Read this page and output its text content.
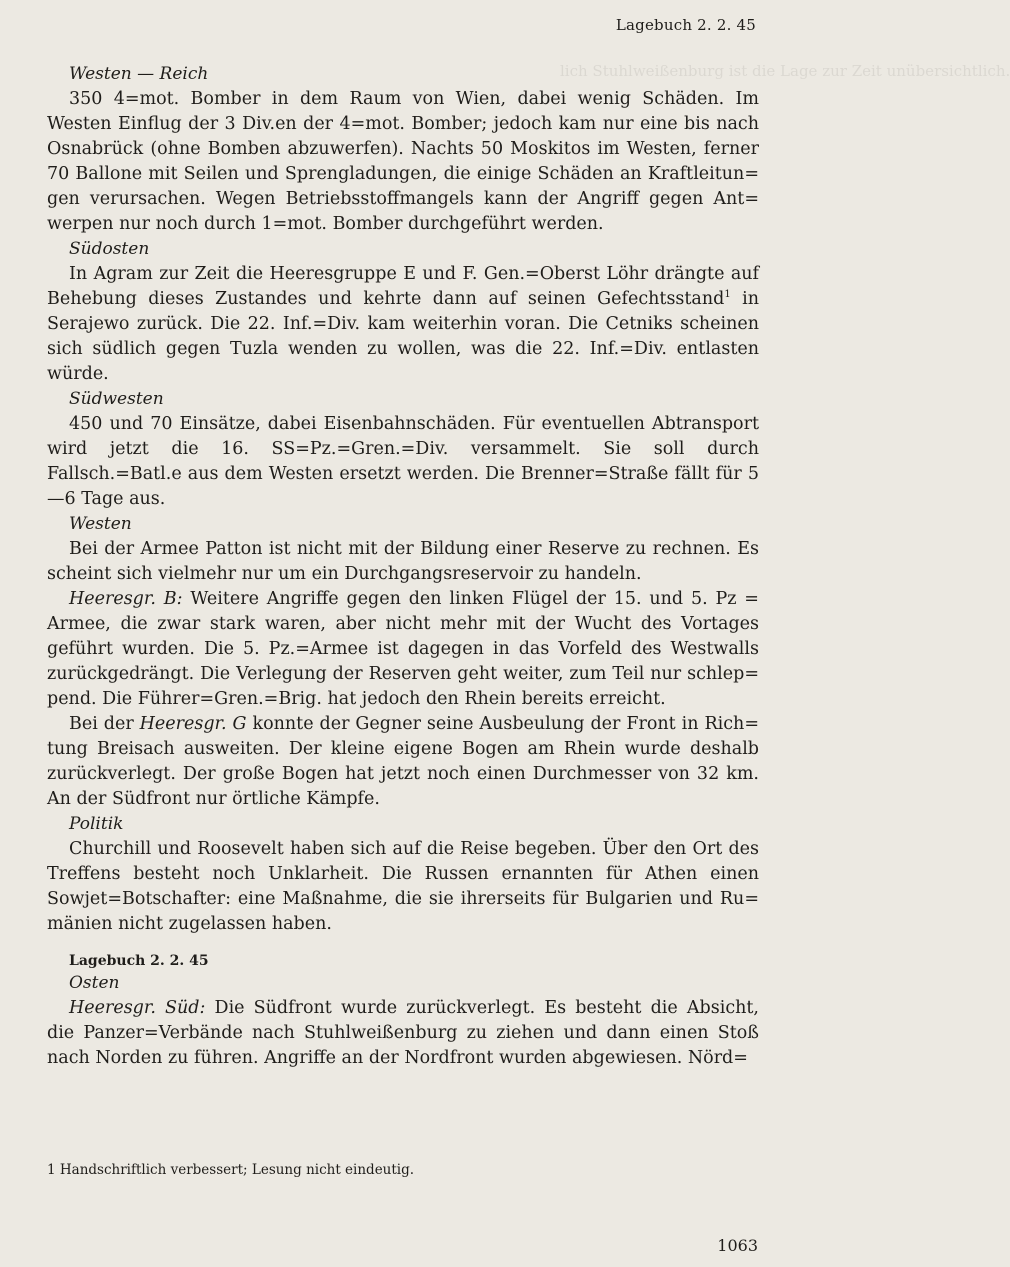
lich Stuhlweißenburg ist die Lage zur Zeit unübersichtlich.
Lagebuch 2. 2. 45

Westen — Reich

350 4=mot. Bomber in dem Raum von Wien, dabei wenig Schäden. Im Westen Einflug der 3 Div.en der 4=mot. Bomber; jedoch kam nur eine bis nach Osnabrück (ohne Bomben abzuwerfen). Nachts 50 Moskitos im Westen, ferner 70 Ballone mit Seilen und Sprengladungen, die einige Schäden an Kraftleitun= gen verursachen. Wegen Betriebsstoffmangels kann der Angriff gegen Ant= werpen nur noch durch 1=mot. Bomber durchgeführt werden.

Südosten

In Agram zur Zeit die Heeresgruppe E und F. Gen.=Oberst Löhr drängte auf Behebung dieses Zustandes und kehrte dann auf seinen Gefechtsstand$^1$ in Serajewo zurück. Die 22. Inf.=Div. kam weiterhin voran. Die Cetniks scheinen sich südlich gegen Tuzla wenden zu wollen, was die 22. Inf.=Div. entlasten würde.

Südwesten

450 und 70 Einsätze, dabei Eisenbahnschäden. Für eventuellen Abtransport wird jetzt die 16. SS=Pz.=Gren.=Div. versammelt. Sie soll durch Fallsch.=Batl.e aus dem Westen ersetzt werden. Die Brenner=Straße fällt für 5—6 Tage aus.

Westen

Bei der Armee Patton ist nicht mit der Bildung einer Reserve zu rechnen. Es scheint sich vielmehr nur um ein Durchgangsreservoir zu handeln.

Heeresgr. B: Weitere Angriffe gegen den linken Flügel der 15. und 5. Pz = Armee, die zwar stark waren, aber nicht mehr mit der Wucht des Vortages geführt wurden. Die 5. Pz.=Armee ist dagegen in das Vorfeld des Westwalls zurückgedrängt. Die Verlegung der Reserven geht weiter, zum Teil nur schlep= pend. Die Führer=Gren.=Brig. hat jedoch den Rhein bereits erreicht.

Bei der Heeresgr. G konnte der Gegner seine Ausbeulung der Front in Rich= tung Breisach ausweiten. Der kleine eigene Bogen am Rhein wurde deshalb zurückverlegt. Der große Bogen hat jetzt noch einen Durchmesser von 32 km. An der Südfront nur örtliche Kämpfe.

Politik

Churchill und Roosevelt haben sich auf die Reise begeben. Über den Ort des Treffens besteht noch Unklarheit. Die Russen ernannten für Athen einen Sowjet=Botschafter: eine Maßnahme, die sie ihrerseits für Bulgarien und Ru= mänien nicht zugelassen haben.

Lagebuch 2. 2. 45

Osten

Heeresgr. Süd: Die Südfront wurde zurückverlegt. Es besteht die Absicht, die Panzer=Verbände nach Stuhlweißenburg zu ziehen und dann einen Stoß nach Norden zu führen. Angriffe an der Nordfront wurden abgewiesen. Nörd=

1 Handschriftlich verbessert; Lesung nicht eindeutig.
1063
